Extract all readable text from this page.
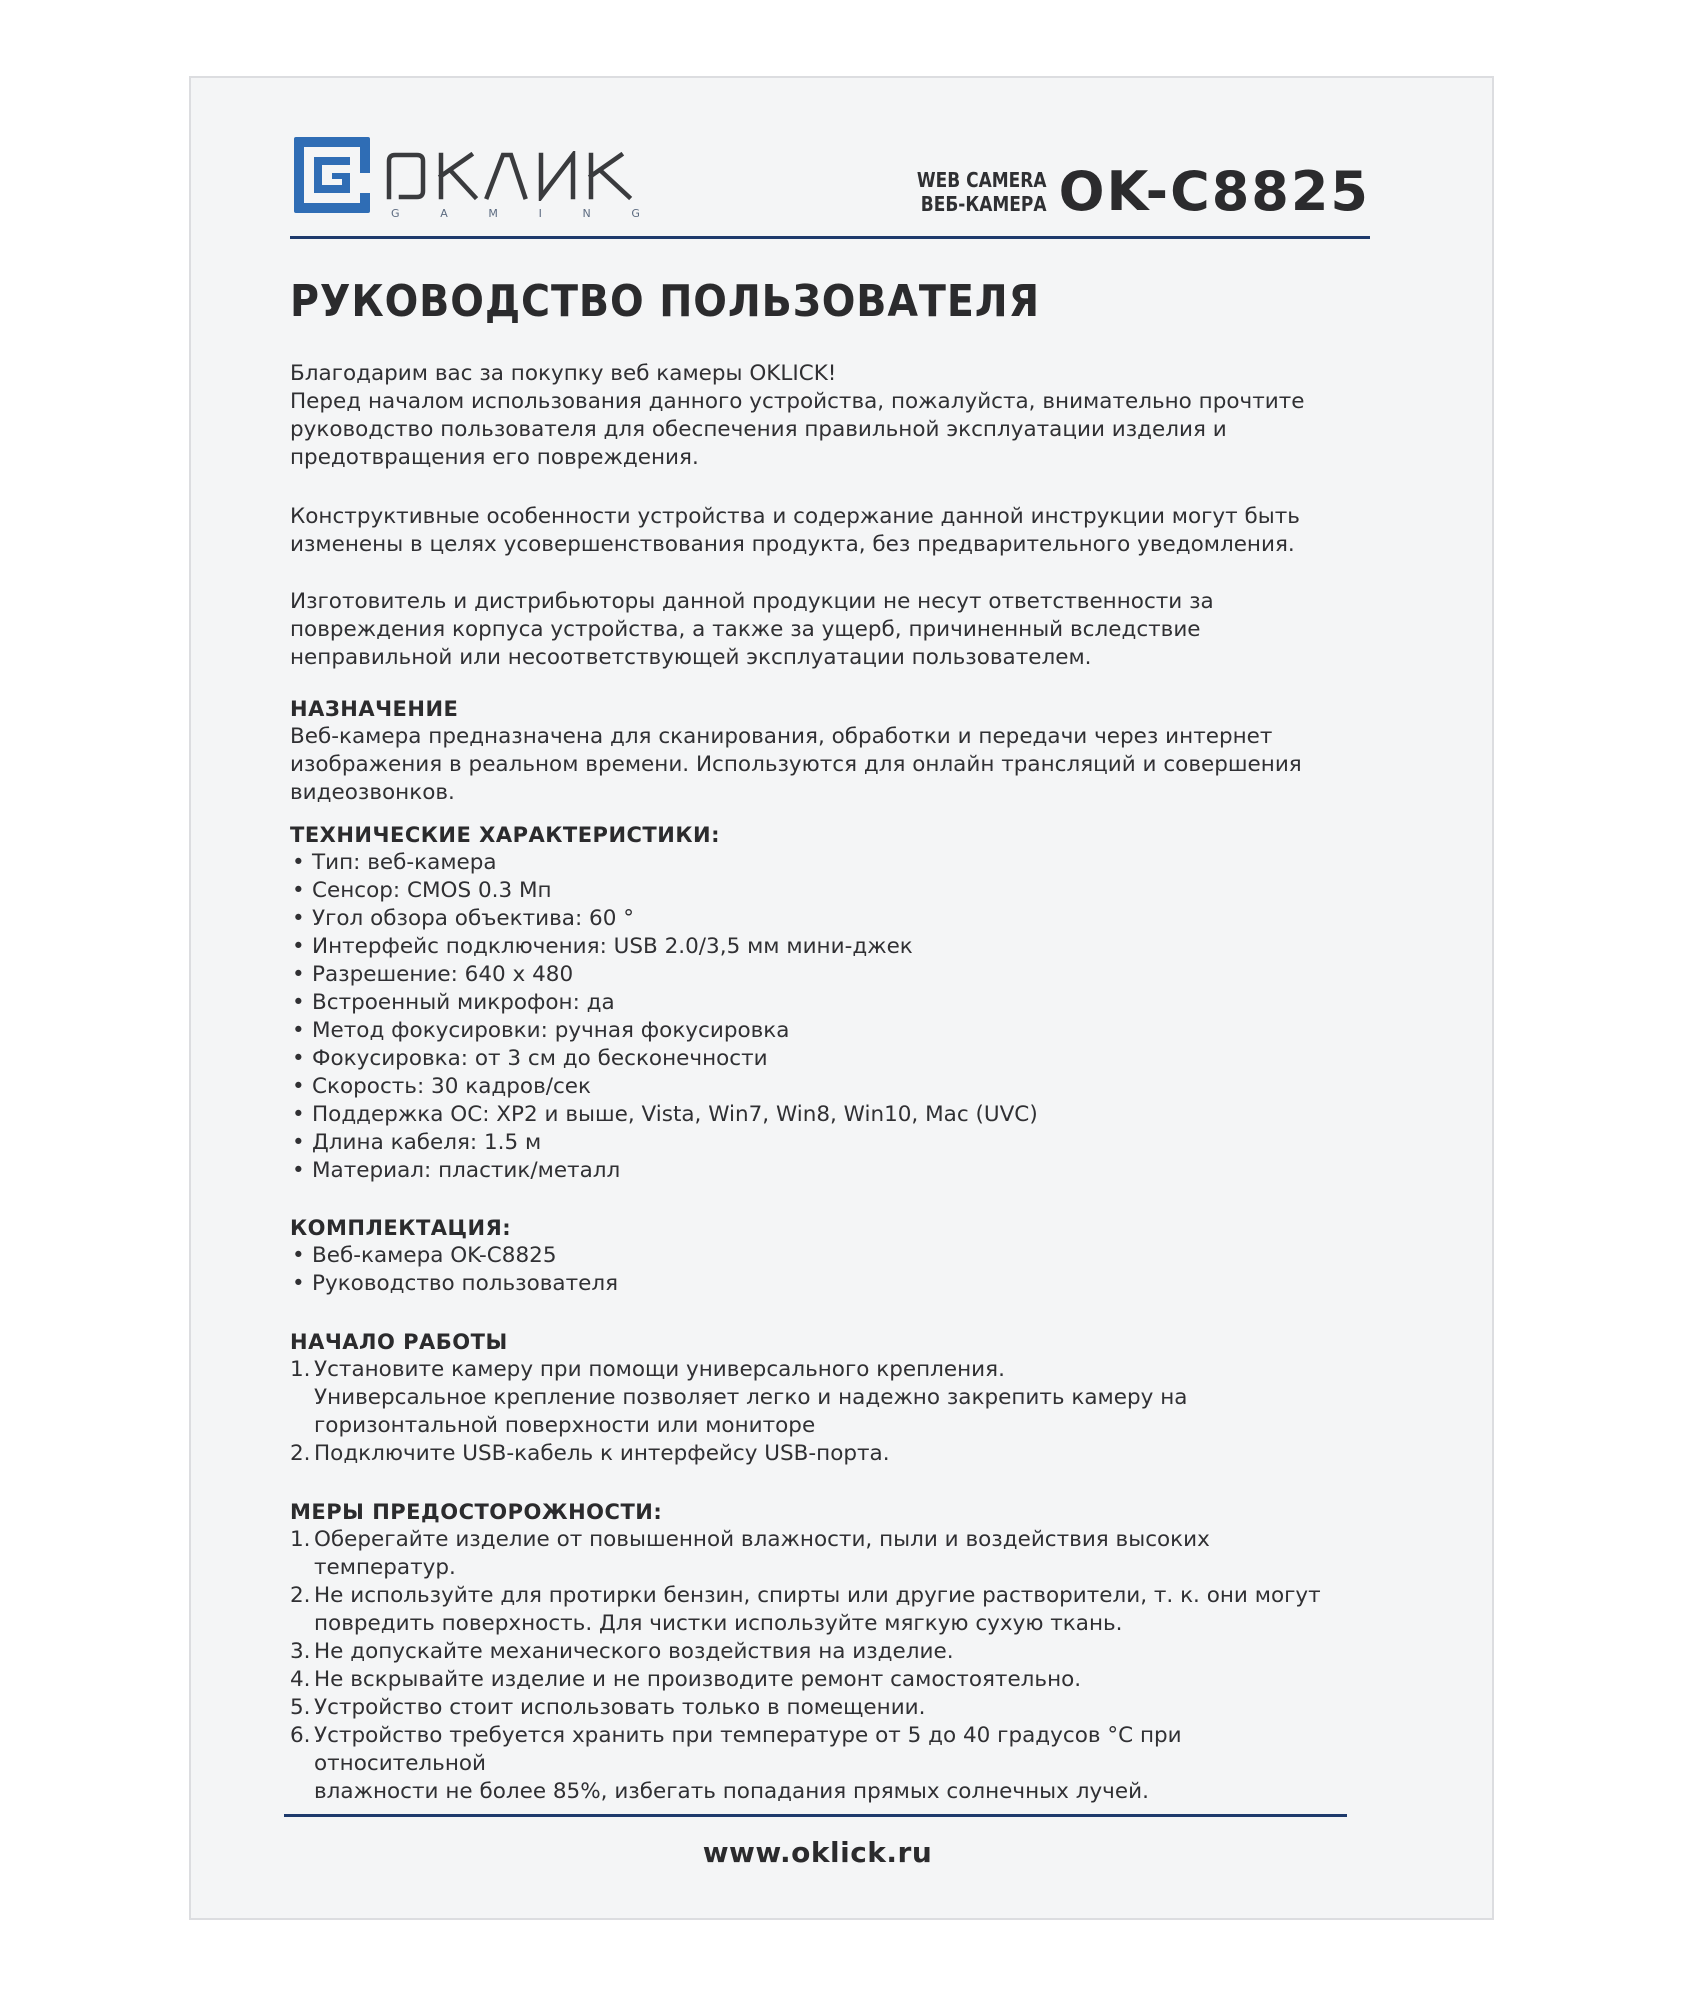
G	A	M	I	N	G
WEB CAMERA
ВЕБ-КАМЕРА OK-C8825
РУКОВОДСТВО ПОЛЬЗОВАТЕЛЯ

Благодарим вас за покупку веб камеры OKLICK!
Перед началом использования данного устройства, пожалуйста, внимательно прочтите
руководство пользователя для обеспечения правильной эксплуатации изделия и
предотвращения его повреждения.

Конструктивные особенности устройства и содержание данной инструкции могут быть
изменены в целях усовершенствования продукта, без предварительного уведомления.

Изготовитель и дистрибьюторы данной продукции не несут ответственности за
повреждения корпуса устройства, а также за ущерб, причиненный вследствие
неправильной или несоответствующей эксплуатации пользователем.

НАЗНАЧЕНИЕ

Веб-камера предназначена для сканирования, обработки и передачи через интернет
изображения в реальном времени. Используются для онлайн трансляций и совершения
видеозвонков.

ТЕХНИЧЕСКИЕ ХАРАКТЕРИСТИКИ:

• Тип: веб-камера
• Сенсор: CMOS 0.3 Мп
• Угол обзора объектива: 60 °
• Интерфейс подключения: USB 2.0/3,5 мм мини-джек
• Разрешение: 640 x 480
• Встроенный микрофон: да
• Метод фокусировки: ручная фокусировка
• Фокусировка: от 3 см до бесконечности
• Скорость: 30 кадров/сек
• Поддержка ОС: XP2 и выше, Vista, Win7, Win8, Win10, Mac (UVC)
• Длина кабеля: 1.5 м
• Материал: пластик/металл

КОМПЛЕКТАЦИЯ:

• Веб-камера OK-C8825
• Руководство пользователя

НАЧАЛО РАБОТЫ

1. Установите камеру при помощи универсального крепления.
Универсальное крепление позволяет легко и надежно закрепить камеру на
горизонтальной поверхности или мониторе
2. Подключите USB-кабель к интерфейсу USB-порта.

МЕРЫ ПРЕДОСТОРОЖНОСТИ:

1. Оберегайте изделие от повышенной влажности, пыли и воздействия высоких температур.
2. Не используйте для протирки бензин, спирты или другие растворители, т. к. они могут
повредить поверхность. Для чистки используйте мягкую сухую ткань.
3. Не допускайте механического воздействия на изделие.
4. Не вскрывайте изделие и не производите ремонт самостоятельно.
5. Устройство стоит использовать только в помещении.
6. Устройство требуется хранить при температуре от 5 до 40 градусов °С при относительной
влажности не более 85%, избегать попадания прямых солнечных лучей.
www.oklick.ru
